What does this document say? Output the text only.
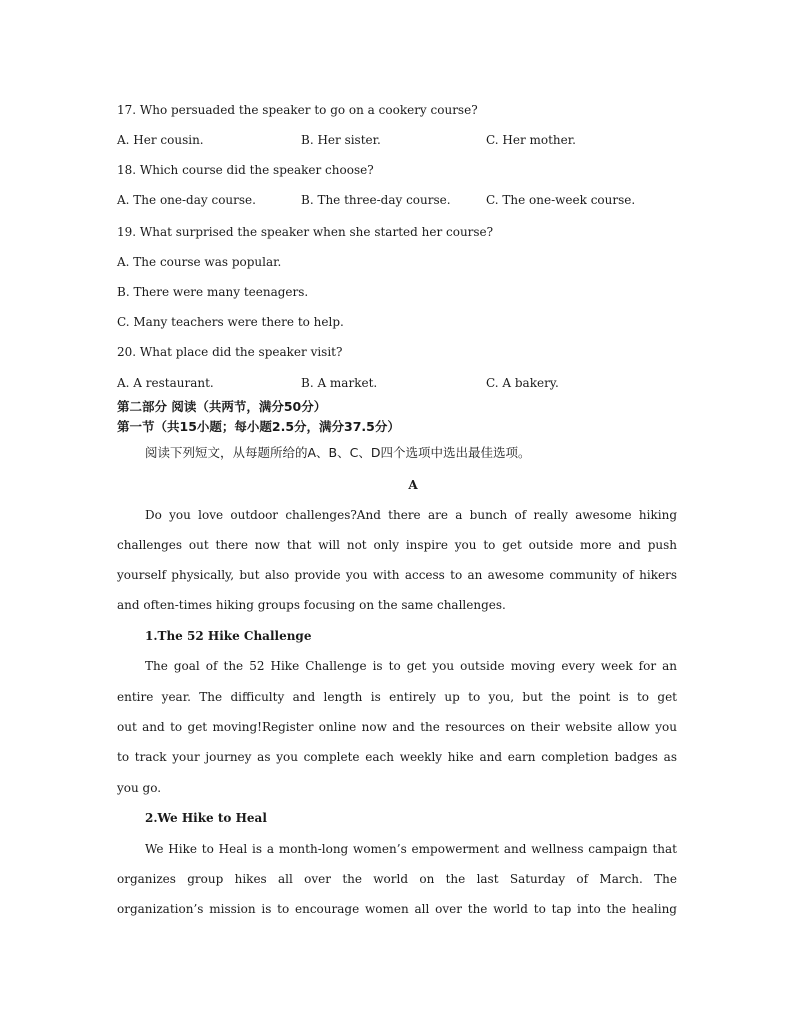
17. Who persuaded the speaker to go on a cookery course?
A. Her cousin.	B. Her sister.	C. Her mother.
18. Which course did the speaker choose?
A. The one-day course.	B. The three-day course.	C. The one-week course.
19. What surprised the speaker when she started her course?
A. The course was popular.
B. There were many teenagers.
C. Many teachers were there to help.
20. What place did the speaker visit?
A. A restaurant.	B. A market.	C. A bakery.
第二部分 阅读（共两节，满分50分）
第一节（共15小题；每小题2.5分，满分37.5分）
阅读下列短文，从每题所给的A、B、C、D四个选项中选出最佳选项。
A
Do you love outdoor challenges?And there are a bunch of really awesome hiking
challenges out there now that will not only inspire you to get outside more and push
yourself physically, but also provide you with access to an awesome community of hikers
and often-times hiking groups focusing on the same challenges.
1.The 52 Hike Challenge
The goal of the 52 Hike Challenge is to get you outside moving every week for an
entire year. The difficulty and length is entirely up to you, but the point is to get
out and to get moving!Register online now and the resources on their website allow you
to track your journey as you complete each weekly hike and earn completion badges as
you go.
2.We Hike to Heal
We Hike to Heal is a month-long women’s empowerment and wellness campaign that
organizes group hikes all over the world on the last Saturday of March. The
organization’s mission is to encourage women all over the world to tap into the healing
